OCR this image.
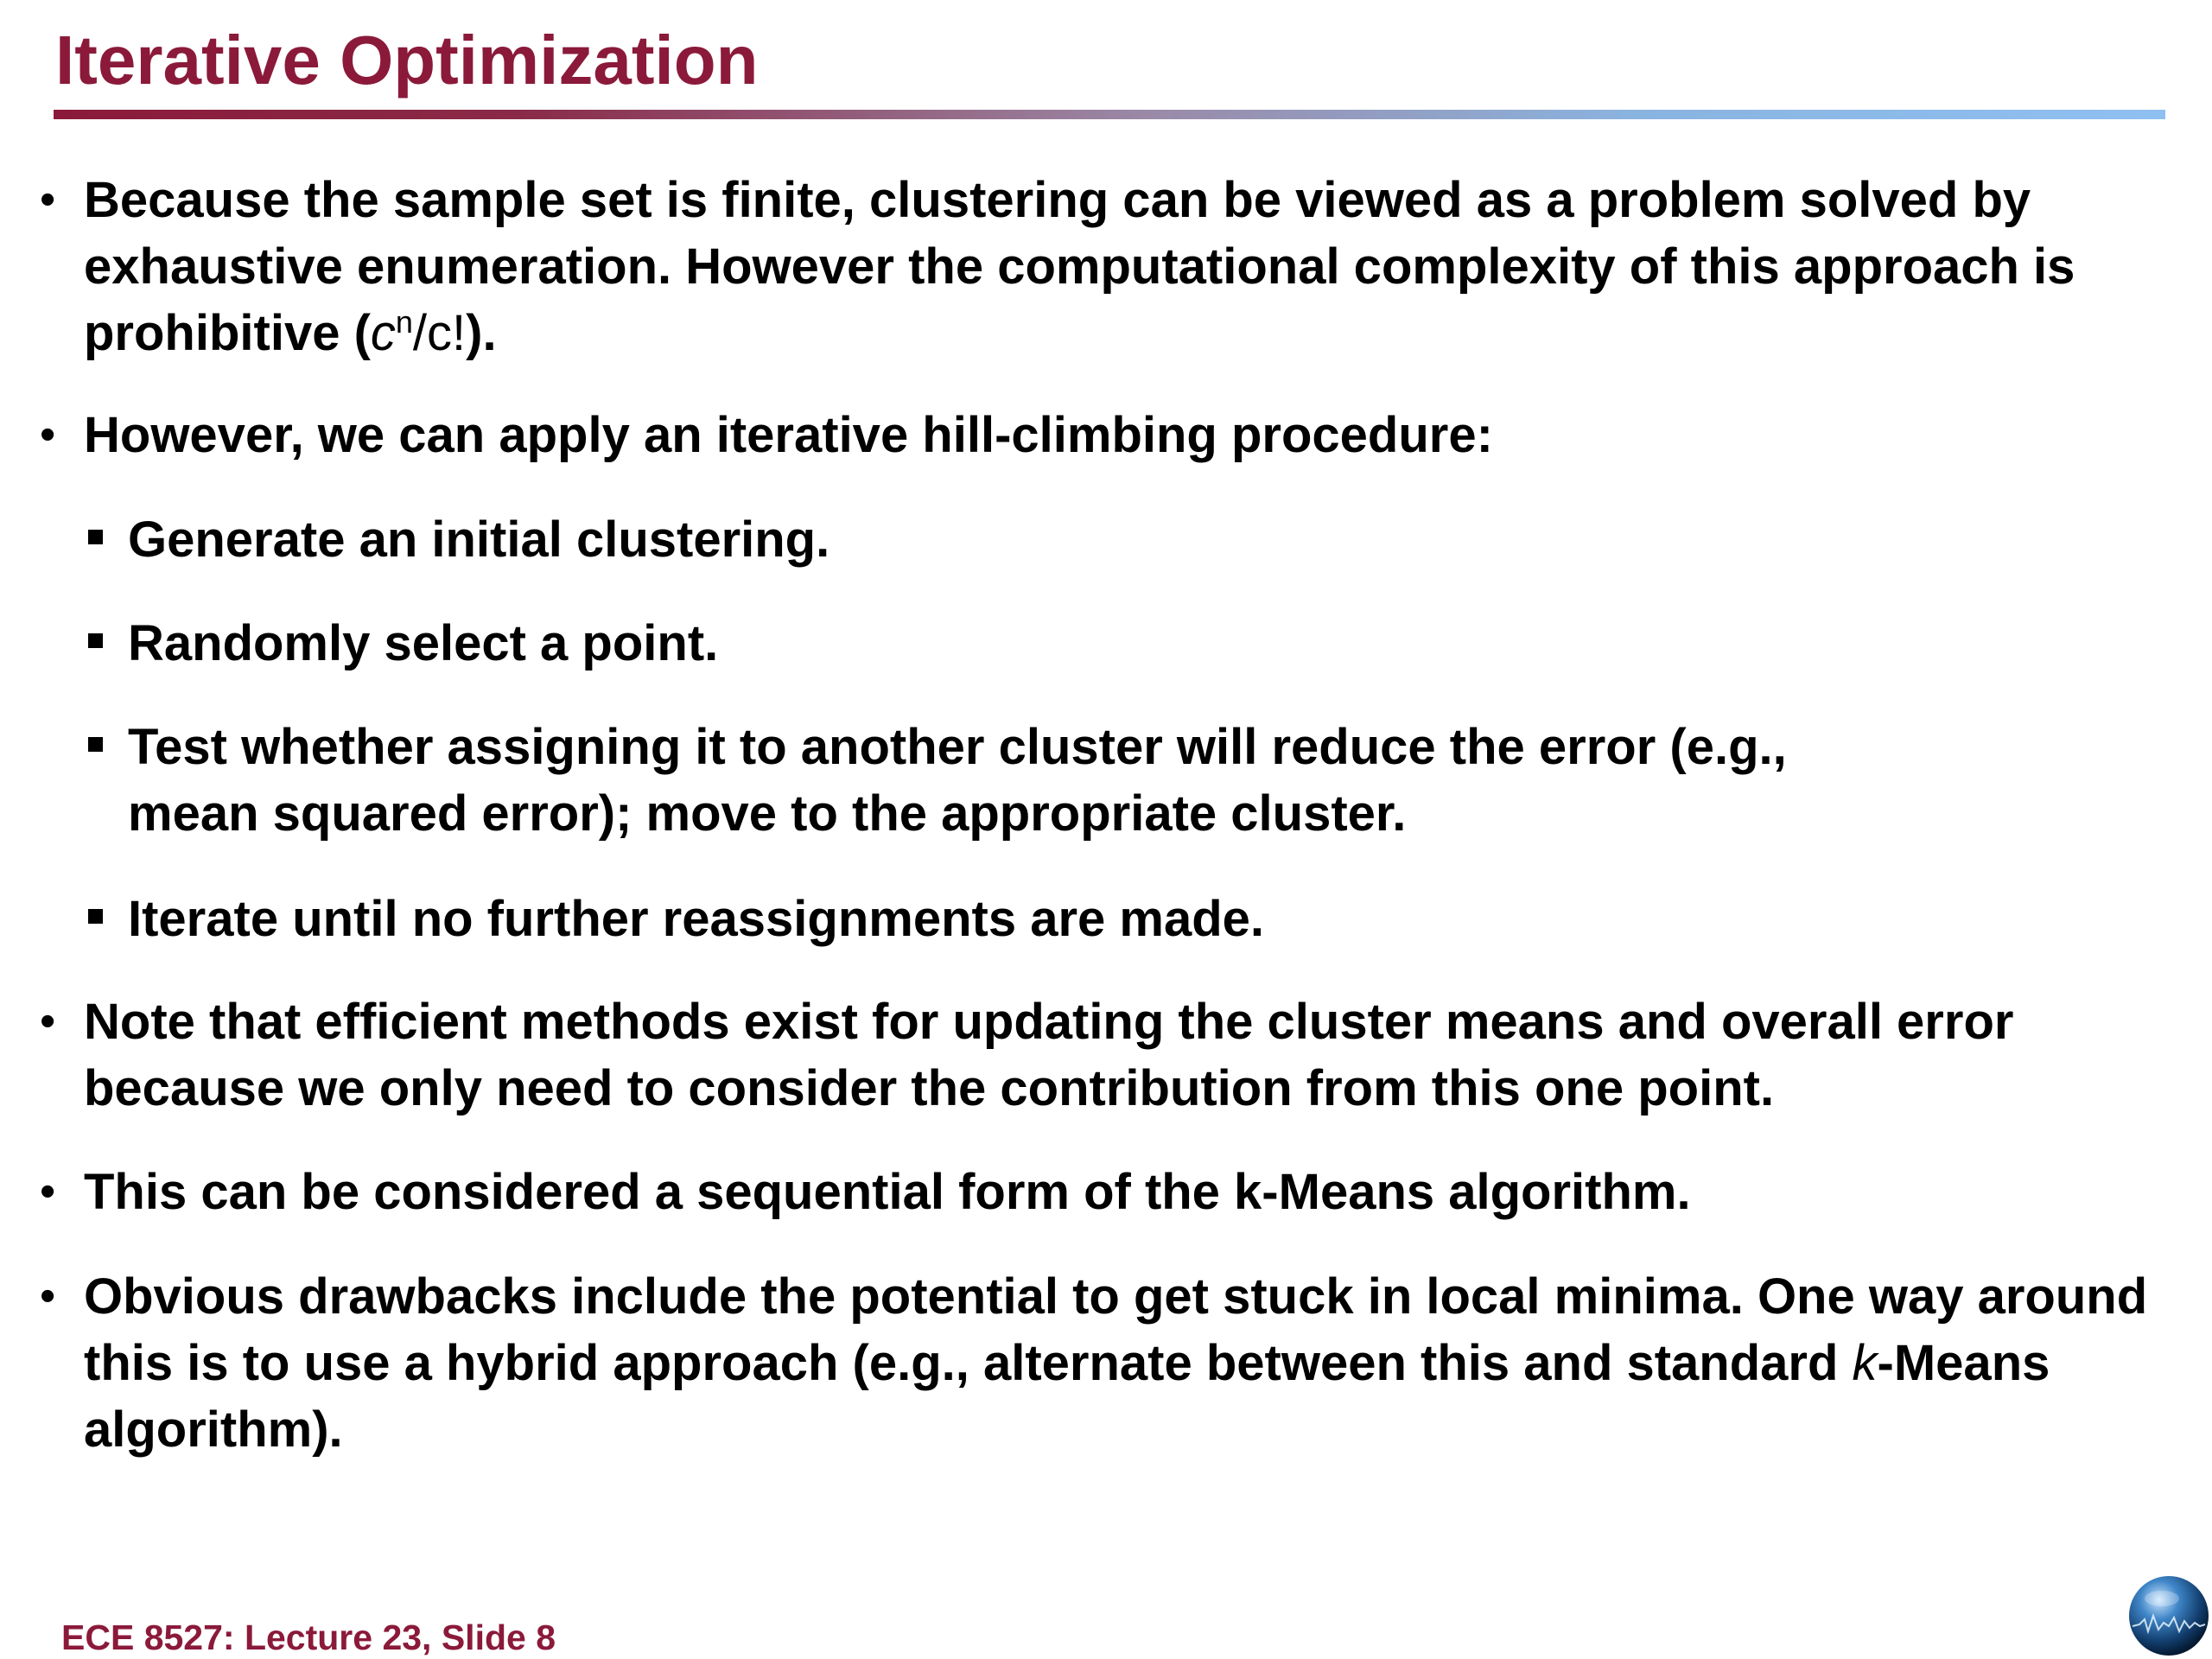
Iterative Optimization
• Because the sample set is finite, clustering can be viewed as a problem solved by exhaustive enumeration. However the computational complexity of this approach is prohibitive $(c^n/c!)$.

• However, we can apply an iterative hill-climbing procedure:

Generate an initial clustering.

Randomly select a point.

Test whether assigning it to another cluster will reduce the error (e.g., mean squared error); move to the appropriate cluster.

Iterate until no further reassignments are made.

• Note that efficient methods exist for updating the cluster means and overall error because we only need to consider the contribution from this one point.

• This can be considered a sequential form of the k-Means algorithm.

• Obvious drawbacks include the potential to get stuck in local minima. One way around this is to use a hybrid approach (e.g., alternate between this and standard k-Means algorithm).

ECE 8527: Lecture 23, Slide 8
